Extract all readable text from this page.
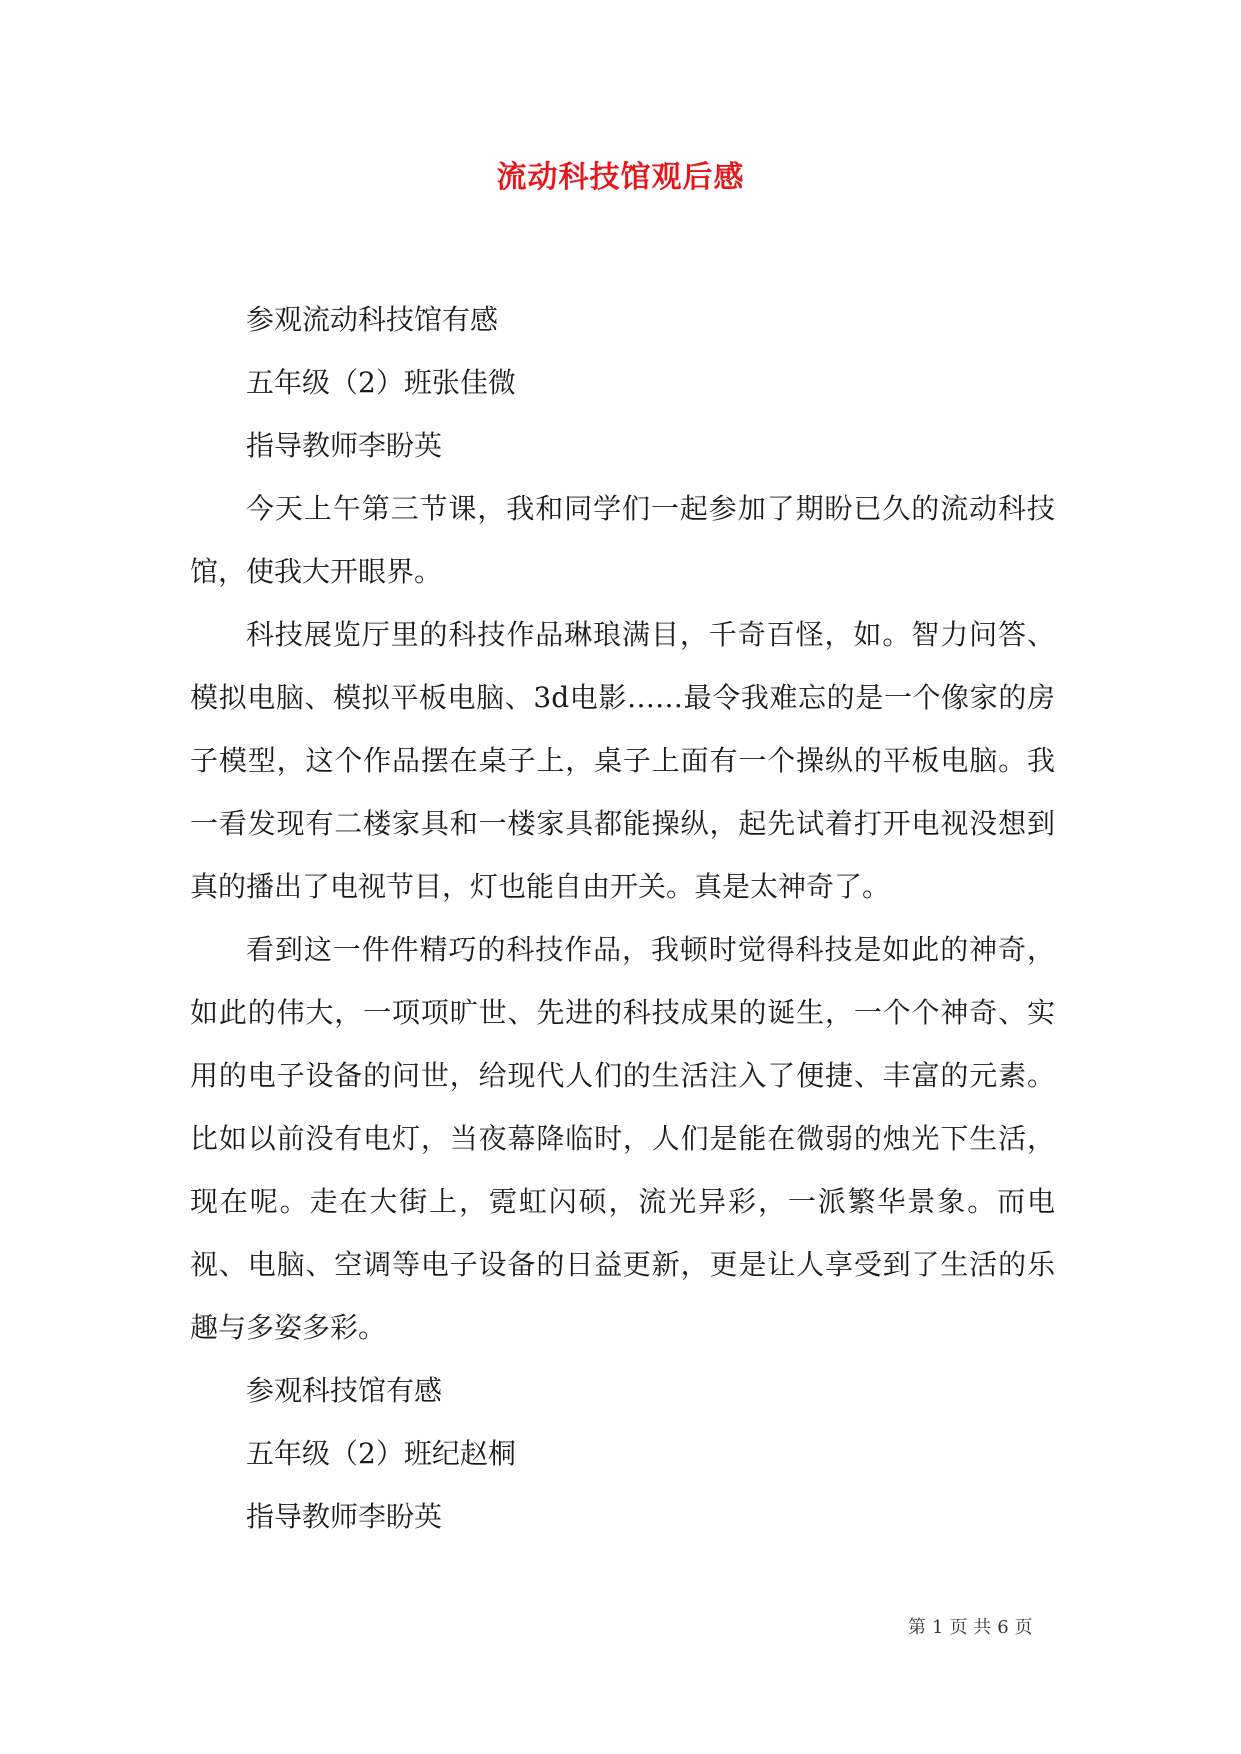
流动科技馆观后感

参观流动科技馆有感

五年级（2）班张佳微

指导教师李盼英

今天上午第三节课，我和同学们一起参加了期盼已久的流动科技馆，使我大开眼界。

科技展览厅里的科技作品琳琅满目，千奇百怪，如。智力问答、模拟电脑、模拟平板电脑、3d电影……最令我难忘的是一个像家的房子模型，这个作品摆在桌子上，桌子上面有一个操纵的平板电脑。我一看发现有二楼家具和一楼家具都能操纵，起先试着打开电视没想到真的播出了电视节目，灯也能自由开关。真是太神奇了。

看到这一件件精巧的科技作品，我顿时觉得科技是如此的神奇，如此的伟大，一项项旷世、先进的科技成果的诞生，一个个神奇、实用的电子设备的问世，给现代人们的生活注入了便捷、丰富的元素。比如以前没有电灯，当夜幕降临时，人们是能在微弱的烛光下生活，现在呢。走在大街上，霓虹闪硕，流光异彩，一派繁华景象。而电视、电脑、空调等电子设备的日益更新，更是让人享受到了生活的乐趣与多姿多彩。

参观科技馆有感

五年级（2）班纪赵桐

指导教师李盼英

第 1 页 共 6 页
